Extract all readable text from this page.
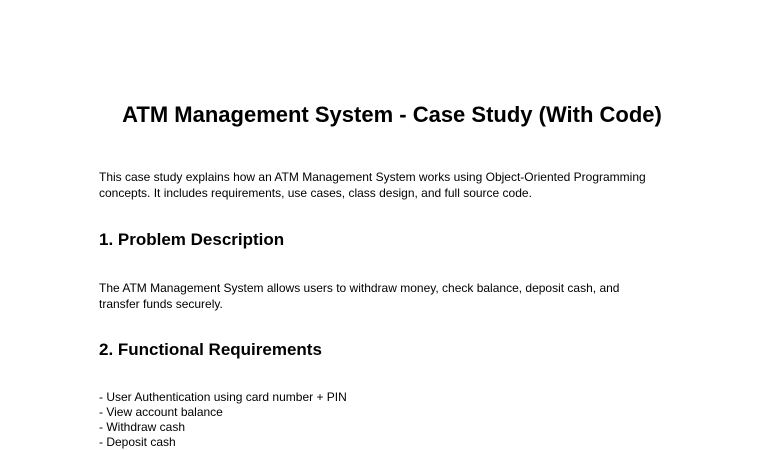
ATM Management System - Case Study (With Code)

This case study explains how an ATM Management System works using Object-Oriented Programming
concepts. It includes requirements, use cases, class design, and full source code.

1. Problem Description

The ATM Management System allows users to withdraw money, check balance, deposit cash, and
transfer funds securely.

2. Functional Requirements
- User Authentication using card number + PIN
- View account balance
- Withdraw cash
- Deposit cash
